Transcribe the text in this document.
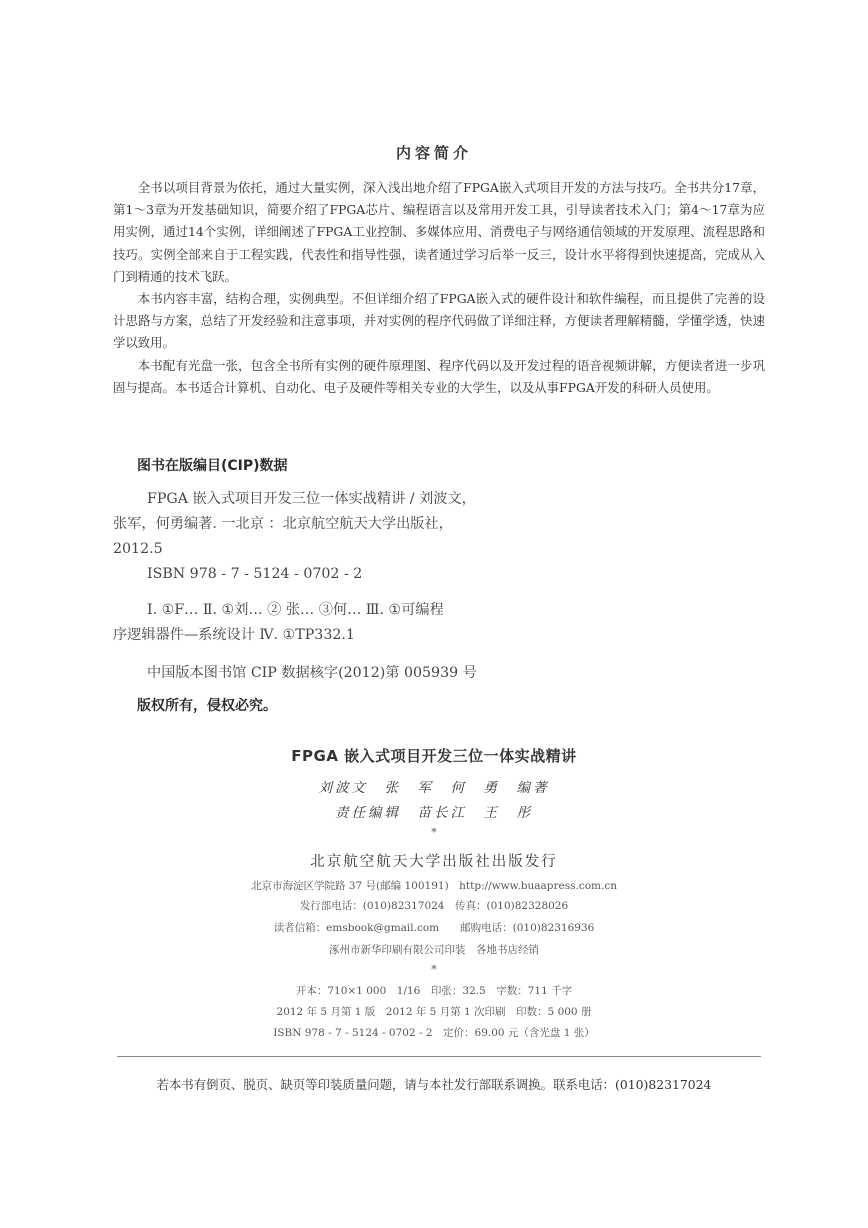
内容简介

全书以项目背景为依托，通过大量实例，深入浅出地介绍了FPGA嵌入式项目开发的方法与技巧。全书共分17章，第1～3章为开发基础知识，简要介绍了FPGA芯片、编程语言以及常用开发工具，引导读者技术入门；第4～17章为应用实例，通过14个实例，详细阐述了FPGA工业控制、多媒体应用、消费电子与网络通信领域的开发原理、流程思路和技巧。实例全部来自于工程实践，代表性和指导性强，读者通过学习后举一反三，设计水平将得到快速提高，完成从入门到精通的技术飞跃。

本书内容丰富，结构合理，实例典型。不但详细介绍了FPGA嵌入式的硬件设计和软件编程，而且提供了完善的设计思路与方案，总结了开发经验和注意事项，并对实例的程序代码做了详细注释，方便读者理解精髓，学懂学透，快速学以致用。

本书配有光盘一张，包含全书所有实例的硬件原理图、程序代码以及开发过程的语音视频讲解，方便读者进一步巩固与提高。本书适合计算机、自动化、电子及硬件等相关专业的大学生，以及从事FPGA开发的科研人员使用。

图书在版编目(CIP)数据
FPGA 嵌入式项目开发三位一体实战精讲 / 刘波文，
张军，何勇编著. 一北京 ：北京航空航天大学出版社，
2012.5
ISBN 978 - 7 - 5124 - 0702 - 2
Ⅰ. ①F… Ⅱ. ①刘… ② 张… ③何… Ⅲ. ①可编程
序逻辑器件—系统设计 Ⅳ. ①TP332.1
中国版本图书馆 CIP 数据核字(2012)第 005939 号
版权所有，侵权必究。
FPGA 嵌入式项目开发三位一体实战精讲
刘波文　张　军　何　勇　编著
责任编辑　苗长江　王　彤
*
北京航空航天大学出版社出版发行
北京市海淀区学院路 37 号(邮编 100191)　http://www.buaapress.com.cn
发行部电话：(010)82317024　传真：(010)82328026
读者信箱：emsbook@gmail.com　　邮购电话：(010)82316936
涿州市新华印刷有限公司印装　各地书店经销
*
开本：710×1 000　1/16　印张：32.5　字数：711 千字
2012 年 5 月第 1 版　2012 年 5 月第 1 次印刷　印数：5 000 册
ISBN 978 - 7 - 5124 - 0702 - 2　定价：69.00 元（含光盘 1 张）
若本书有倒页、脱页、缺页等印装质量问题，请与本社发行部联系调换。联系电话：(010)82317024
